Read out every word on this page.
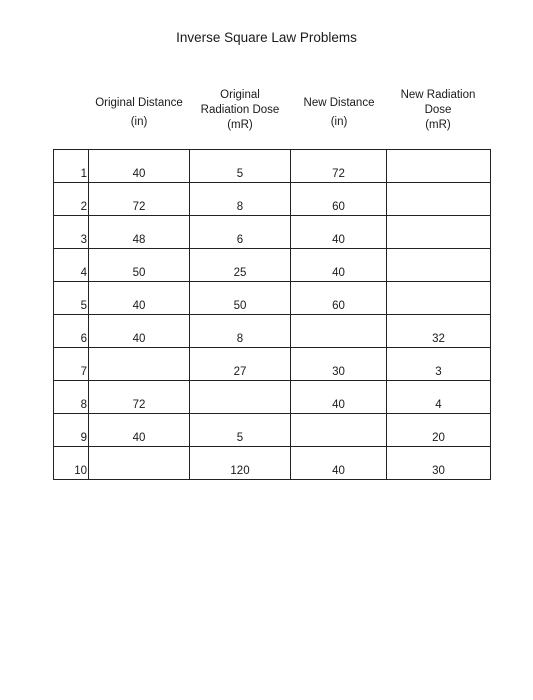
Inverse Square Law Problems
Original Distance
(in)
Original
Radiation Dose
(mR)
New Distance
(in)
New Radiation
Dose
(mR)
1	40	5	72	
2	72	8	60	
3	48	6	40	
4	50	25	40	
5	40	50	60	
6	40	8		32
7		27	30	3
8	72		40	4
9	40	5		20
10		120	40	30
